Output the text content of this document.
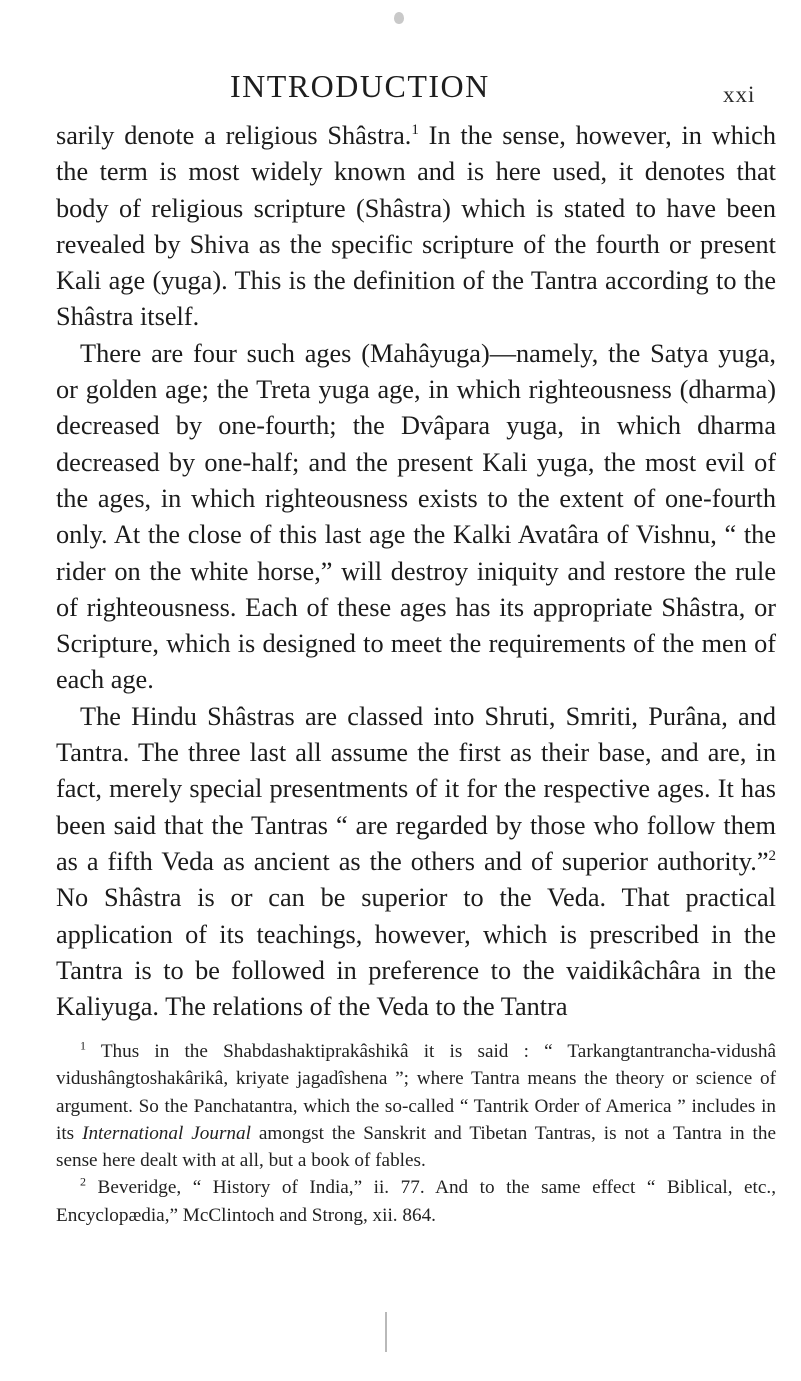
INTRODUCTION	xxi

sarily denote a religious Shâstra.$^1$ In the sense, however, in which the term is most widely known and is here used, it denotes that body of religious scripture (Shâstra) which is stated to have been revealed by Shiva as the specific scripture of the fourth or present Kali age (yuga). This is the definition of the Tantra according to the Shâstra itself.

There are four such ages (Mahâyuga)—namely, the Satya yuga, or golden age; the Treta yuga age, in which righteousness (dharma) decreased by one-fourth; the Dvâpara yuga, in which dharma decreased by one-half; and the present Kali yuga, the most evil of the ages, in which righteousness exists to the extent of one-fourth only. At the close of this last age the Kalki Avatâra of Vishnu, “ the rider on the white horse,” will destroy iniquity and restore the rule of righteousness. Each of these ages has its appropriate Shâstra, or Scripture, which is designed to meet the requirements of the men of each age.

The Hindu Shâstras are classed into Shruti, Smriti, Purâna, and Tantra. The three last all assume the first as their base, and are, in fact, merely special presentments of it for the respective ages. It has been said that the Tantras “ are regarded by those who follow them as a fifth Veda as ancient as the others and of superior authority.”$^2$ No Shâstra is or can be superior to the Veda. That practical application of its teachings, however, which is prescribed in the Tantra is to be followed in preference to the vaidikâchâra in the Kaliyuga. The relations of the Veda to the Tantra

$^1$ Thus in the Shabdashaktiprakâshikâ it is said : “ Tarkangtantrancha-vidushâ vidushângtoshakârikâ, kriyate jagadîshena ”; where Tantra means the theory or science of argument. So the Panchatantra, which the so-called “ Tantrik Order of America ” includes in its International Journal amongst the Sanskrit and Tibetan Tantras, is not a Tantra in the sense here dealt with at all, but a book of fables.

$^2$ Beveridge, “ History of India,” ii. 77. And to the same effect “ Biblical, etc., Encyclopædia,” McClintoch and Strong, xii. 864.
